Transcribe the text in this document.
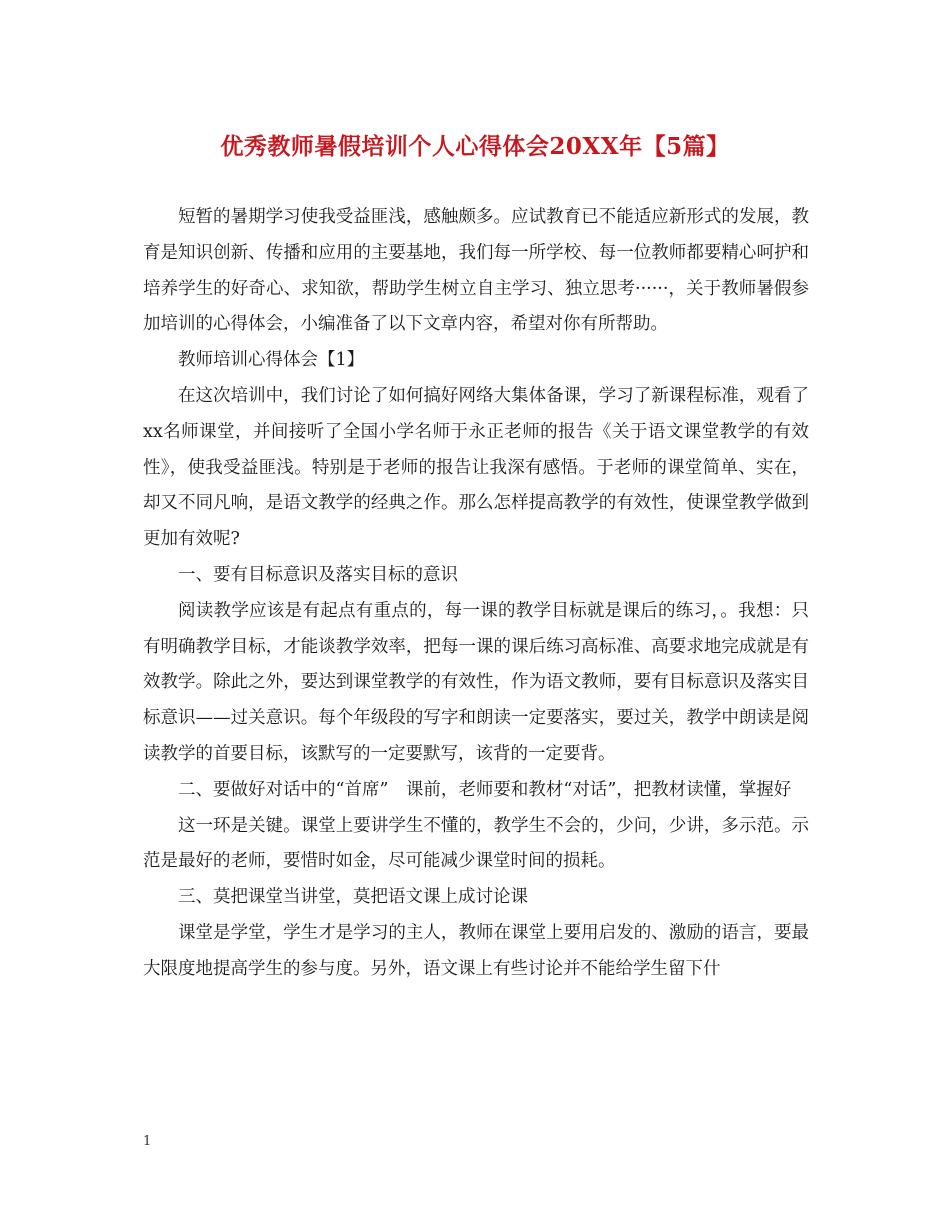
优秀教师暑假培训个人心得体会20XX年【5篇】

短暂的暑期学习使我受益匪浅，感触颇多。应试教育已不能适应新形式的发展，教育是知识创新、传播和应用的主要基地，我们每一所学校、每一位教师都要精心呵护和培养学生的好奇心、求知欲，帮助学生树立自主学习、独立思考······，关于教师暑假参加培训的心得体会，小编准备了以下文章内容，希望对你有所帮助。

教师培训心得体会【1】

在这次培训中，我们讨论了如何搞好网络大集体备课，学习了新课程标准，观看了xx名师课堂，并间接听了全国小学名师于永正老师的报告《关于语文课堂教学的有效性》，使我受益匪浅。特别是于老师的报告让我深有感悟。于老师的课堂简单、实在，却又不同凡响，是语文教学的经典之作。那么怎样提高教学的有效性，使课堂教学做到更加有效呢?

一、要有目标意识及落实目标的意识

阅读教学应该是有起点有重点的，每一课的教学目标就是课后的练习，。我想：只有明确教学目标，才能谈教学效率，把每一课的课后练习高标准、高要求地完成就是有效教学。除此之外，要达到课堂教学的有效性，作为语文教师，要有目标意识及落实目标意识——过关意识。每个年级段的写字和朗读一定要落实，要过关，教学中朗读是阅读教学的首要目标，该默写的一定要默写，该背的一定要背。

二、要做好对话中的“首席”　课前，老师要和教材“对话”，把教材读懂，掌握好

这一环是关键。课堂上要讲学生不懂的，教学生不会的，少问，少讲，多示范。示范是最好的老师，要惜时如金，尽可能减少课堂时间的损耗。

三、莫把课堂当讲堂，莫把语文课上成讨论课

课堂是学堂，学生才是学习的主人，教师在课堂上要用启发的、激励的语言，要最大限度地提高学生的参与度。另外，语文课上有些讨论并不能给学生留下什

1
